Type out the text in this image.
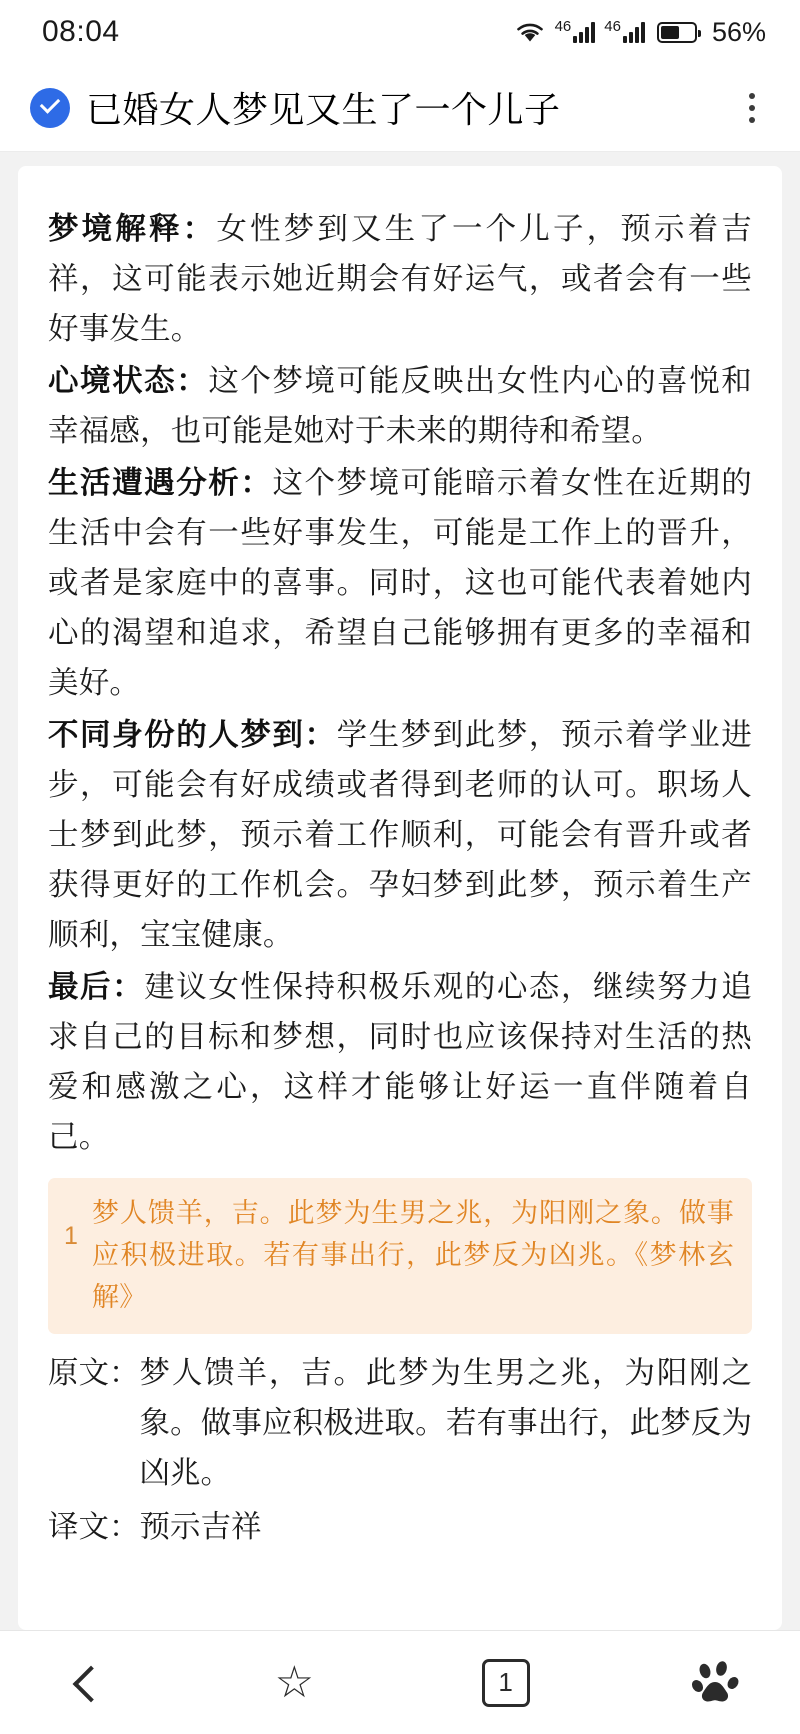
08:04	46 46	56%
已婚女人梦见又生了一个儿子

梦境解释：女性梦到又生了一个儿子，预示着吉祥，这可能表示她近期会有好运气，或者会有一些好事发生。

心境状态：这个梦境可能反映出女性内心的喜悦和幸福感，也可能是她对于未来的期待和希望。

生活遭遇分析：这个梦境可能暗示着女性在近期的生活中会有一些好事发生，可能是工作上的晋升，或者是家庭中的喜事。同时，这也可能代表着她内心的渴望和追求，希望自己能够拥有更多的幸福和美好。

不同身份的人梦到：学生梦到此梦，预示着学业进步，可能会有好成绩或者得到老师的认可。职场人士梦到此梦，预示着工作顺利，可能会有晋升或者获得更好的工作机会。孕妇梦到此梦，预示着生产顺利，宝宝健康。

最后：建议女性保持积极乐观的心态，继续努力追求自己的目标和梦想，同时也应该保持对生活的热爱和感激之心，这样才能够让好运一直伴随着自己。

1
梦人馈羊，吉。此梦为生男之兆，为阳刚之象。做事应积极进取。若有事出行，此梦反为凶兆。《梦林玄解》
原文： 梦人馈羊，吉。此梦为生男之兆，为阳刚之象。做事应积极进取。若有事出行，此梦反为凶兆。
译文： 预示吉祥
☆	1
